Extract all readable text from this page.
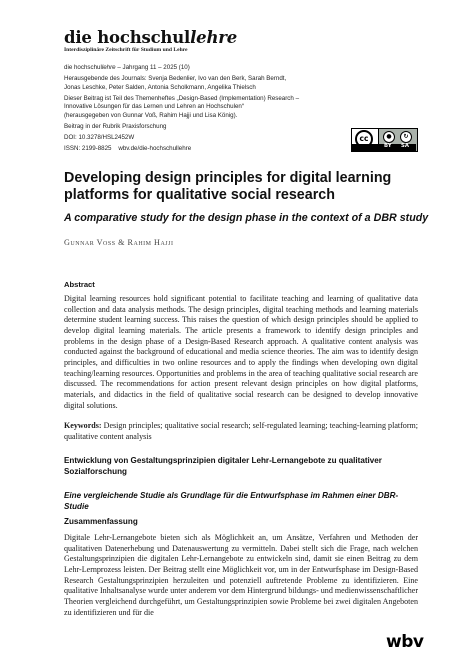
die hochschullehre
Interdisziplinäre Zeitschrift für Studium und Lehre
die hochschullehre – Jahrgang 11 – 2025 (10)
Herausgebende des Journals: Svenja Bedenlier, Ivo van den Berk, Sarah Berndt,
Jonas Leschke, Peter Salden, Antonia Scholkmann, Angelika Thielsch
Dieser Beitrag ist Teil des Themenheftes „Design-Based (Implementation) Research –
Innovative Lösungen für das Lernen und Lehren an Hochschulen“
(herausgegeben von Gunnar Voß, Rahim Hajji und Lisa König).
Beitrag in der Rubrik Praxisforschung
DOI: 10.3278/HSL2452W
ISSN: 2199-8825    wbv.de/die-hochschullehre
cc	●	↻
BY SA
Developing design principles for digital learning platforms for qualitative social research
A comparative study for the design phase in the context of a DBR study
Gunnar Voss & Rahim Hajji
Abstract
Digital learning resources hold significant potential to facilitate teaching and learning of qualitative data collection and data analysis methods. The design principles, digital teaching methods and learning materials determine student learning success. This raises the question of which design principles should be applied to develop digital learning materials. The article presents a framework to identify design principles and problems in the design phase of a Design-Based Research approach. A qualitative content analysis was conducted against the background of educational and media science theories. The aim was to identify design principles, and difficulties in two online resources and to apply the findings when developing own digital teaching/learning resources. Opportunities and problems in the area of teaching qualitative social research are discussed. The recommendations for action present relevant design principles on how digital platforms, materials, and didactics in the field of qualitative social research can be designed to develop innovative digital solutions.
Keywords: Design principles; qualitative social research; self-regulated learning; teaching-learning platform; qualitative content analysis
Entwicklung von Gestaltungsprinzipien digitaler Lehr-Lernangebote zu qualitativer Sozialforschung
Eine vergleichende Studie als Grundlage für die Entwurfsphase im Rahmen einer DBR-Studie
Zusammenfassung
Digitale Lehr-Lernangebote bieten sich als Möglichkeit an, um Ansätze, Verfahren und Methoden der qualitativen Datenerhebung und Datenauswertung zu vermitteln. Dabei stellt sich die Frage, nach welchen Gestaltungsprinzipien die digitalen Lehr-Lernangebote zu entwickeln sind, damit sie einen Beitrag zu dem Lehr-Lernprozess leisten. Der Beitrag stellt eine Möglichkeit vor, um in der Entwurfsphase im Design-Based Research Gestaltungsprinzipien herzuleiten und potenziell auftretende Probleme zu identifizieren. Eine qualitative Inhaltsanalyse wurde unter anderem vor dem Hintergrund bildungs- und medienwissenschaftlicher Theorien vergleichend durchgeführt, um Gestaltungsprinzipien sowie Probleme bei zwei digitalen Angeboten zu identifizieren und für die
wbv
